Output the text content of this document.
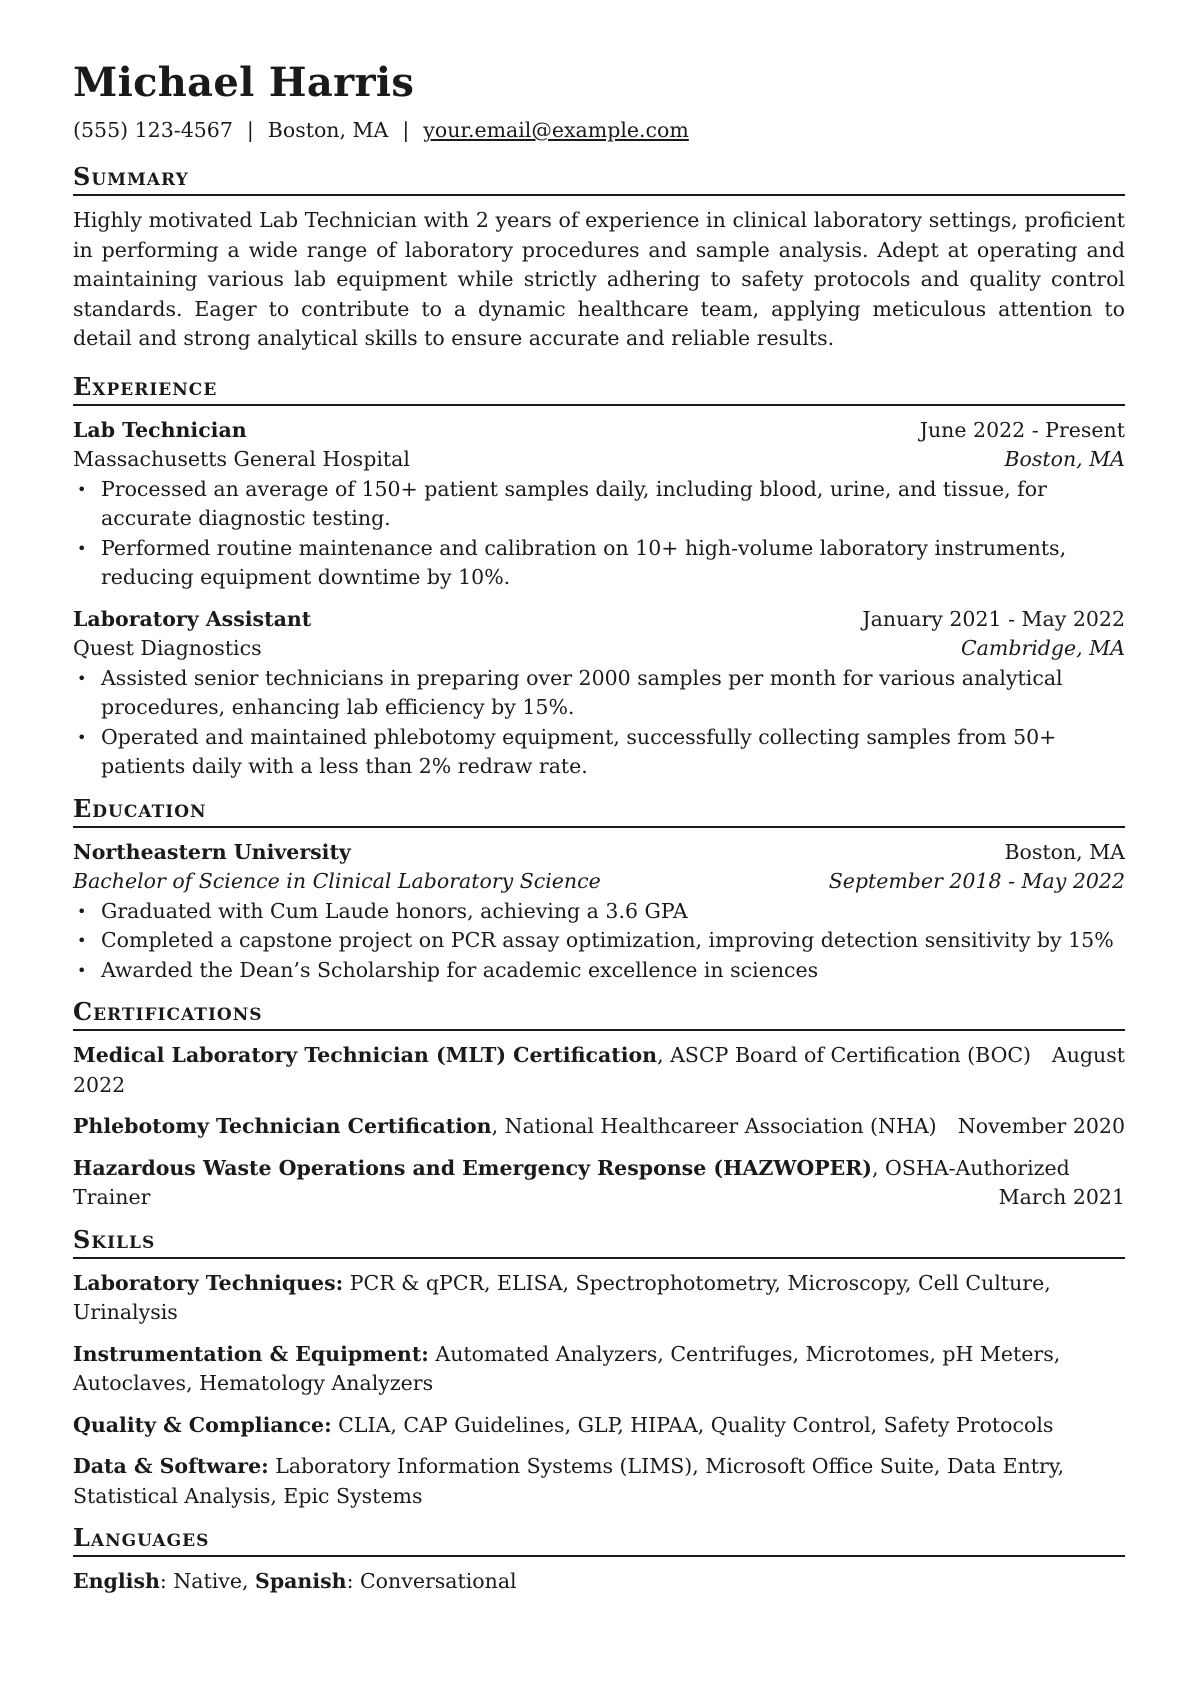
Michael Harris
(555) 123-4567 | Boston, MA | your.email@example.com
Summary
Highly motivated Lab Technician with 2 years of experience in clinical laboratory settings, proficient in performing a wide range of laboratory procedures and sample analysis. Adept at operating and maintaining various lab equipment while strictly adhering to safety protocols and quality control standards. Eager to contribute to a dynamic healthcare team, applying meticulous attention to detail and strong analytical skills to ensure accurate and reliable results.
Experience
Lab Technician	June 2022 - Present
Massachusetts General Hospital	Boston, MA
• Processed an average of 150+ patient samples daily, including blood, urine, and tissue, for accurate diagnostic testing.
• Performed routine maintenance and calibration on 10+ high-volume laboratory instruments, reducing equipment downtime by 10%.
Laboratory Assistant	January 2021 - May 2022
Quest Diagnostics	Cambridge, MA
• Assisted senior technicians in preparing over 2000 samples per month for various analytical procedures, enhancing lab efficiency by 15%.
• Operated and maintained phlebotomy equipment, successfully collecting samples from 50+ patients daily with a less than 2% redraw rate.
Education
Northeastern University	Boston, MA
Bachelor of Science in Clinical Laboratory Science	September 2018 - May 2022
• Graduated with Cum Laude honors, achieving a 3.6 GPA
• Completed a capstone project on PCR assay optimization, improving detection sensitivity by 15%
• Awarded the Dean’s Scholarship for academic excellence in sciences
Certifications
Medical Laboratory Technician (MLT) Certification, ASCP Board of Certification (BOC) August
2022
Phlebotomy Technician Certification, National Healthcareer Association (NHA) November 2020
Hazardous Waste Operations and Emergency Response (HAZWOPER), OSHA-Authorized
Trainer	March 2021
Skills
Laboratory Techniques: PCR & qPCR, ELISA, Spectrophotometry, Microscopy, Cell Culture, Urinalysis
Instrumentation & Equipment: Automated Analyzers, Centrifuges, Microtomes, pH Meters, Autoclaves, Hematology Analyzers
Quality & Compliance: CLIA, CAP Guidelines, GLP, HIPAA, Quality Control, Safety Protocols
Data & Software: Laboratory Information Systems (LIMS), Microsoft Office Suite, Data Entry, Statistical Analysis, Epic Systems
Languages
English: Native, Spanish: Conversational
